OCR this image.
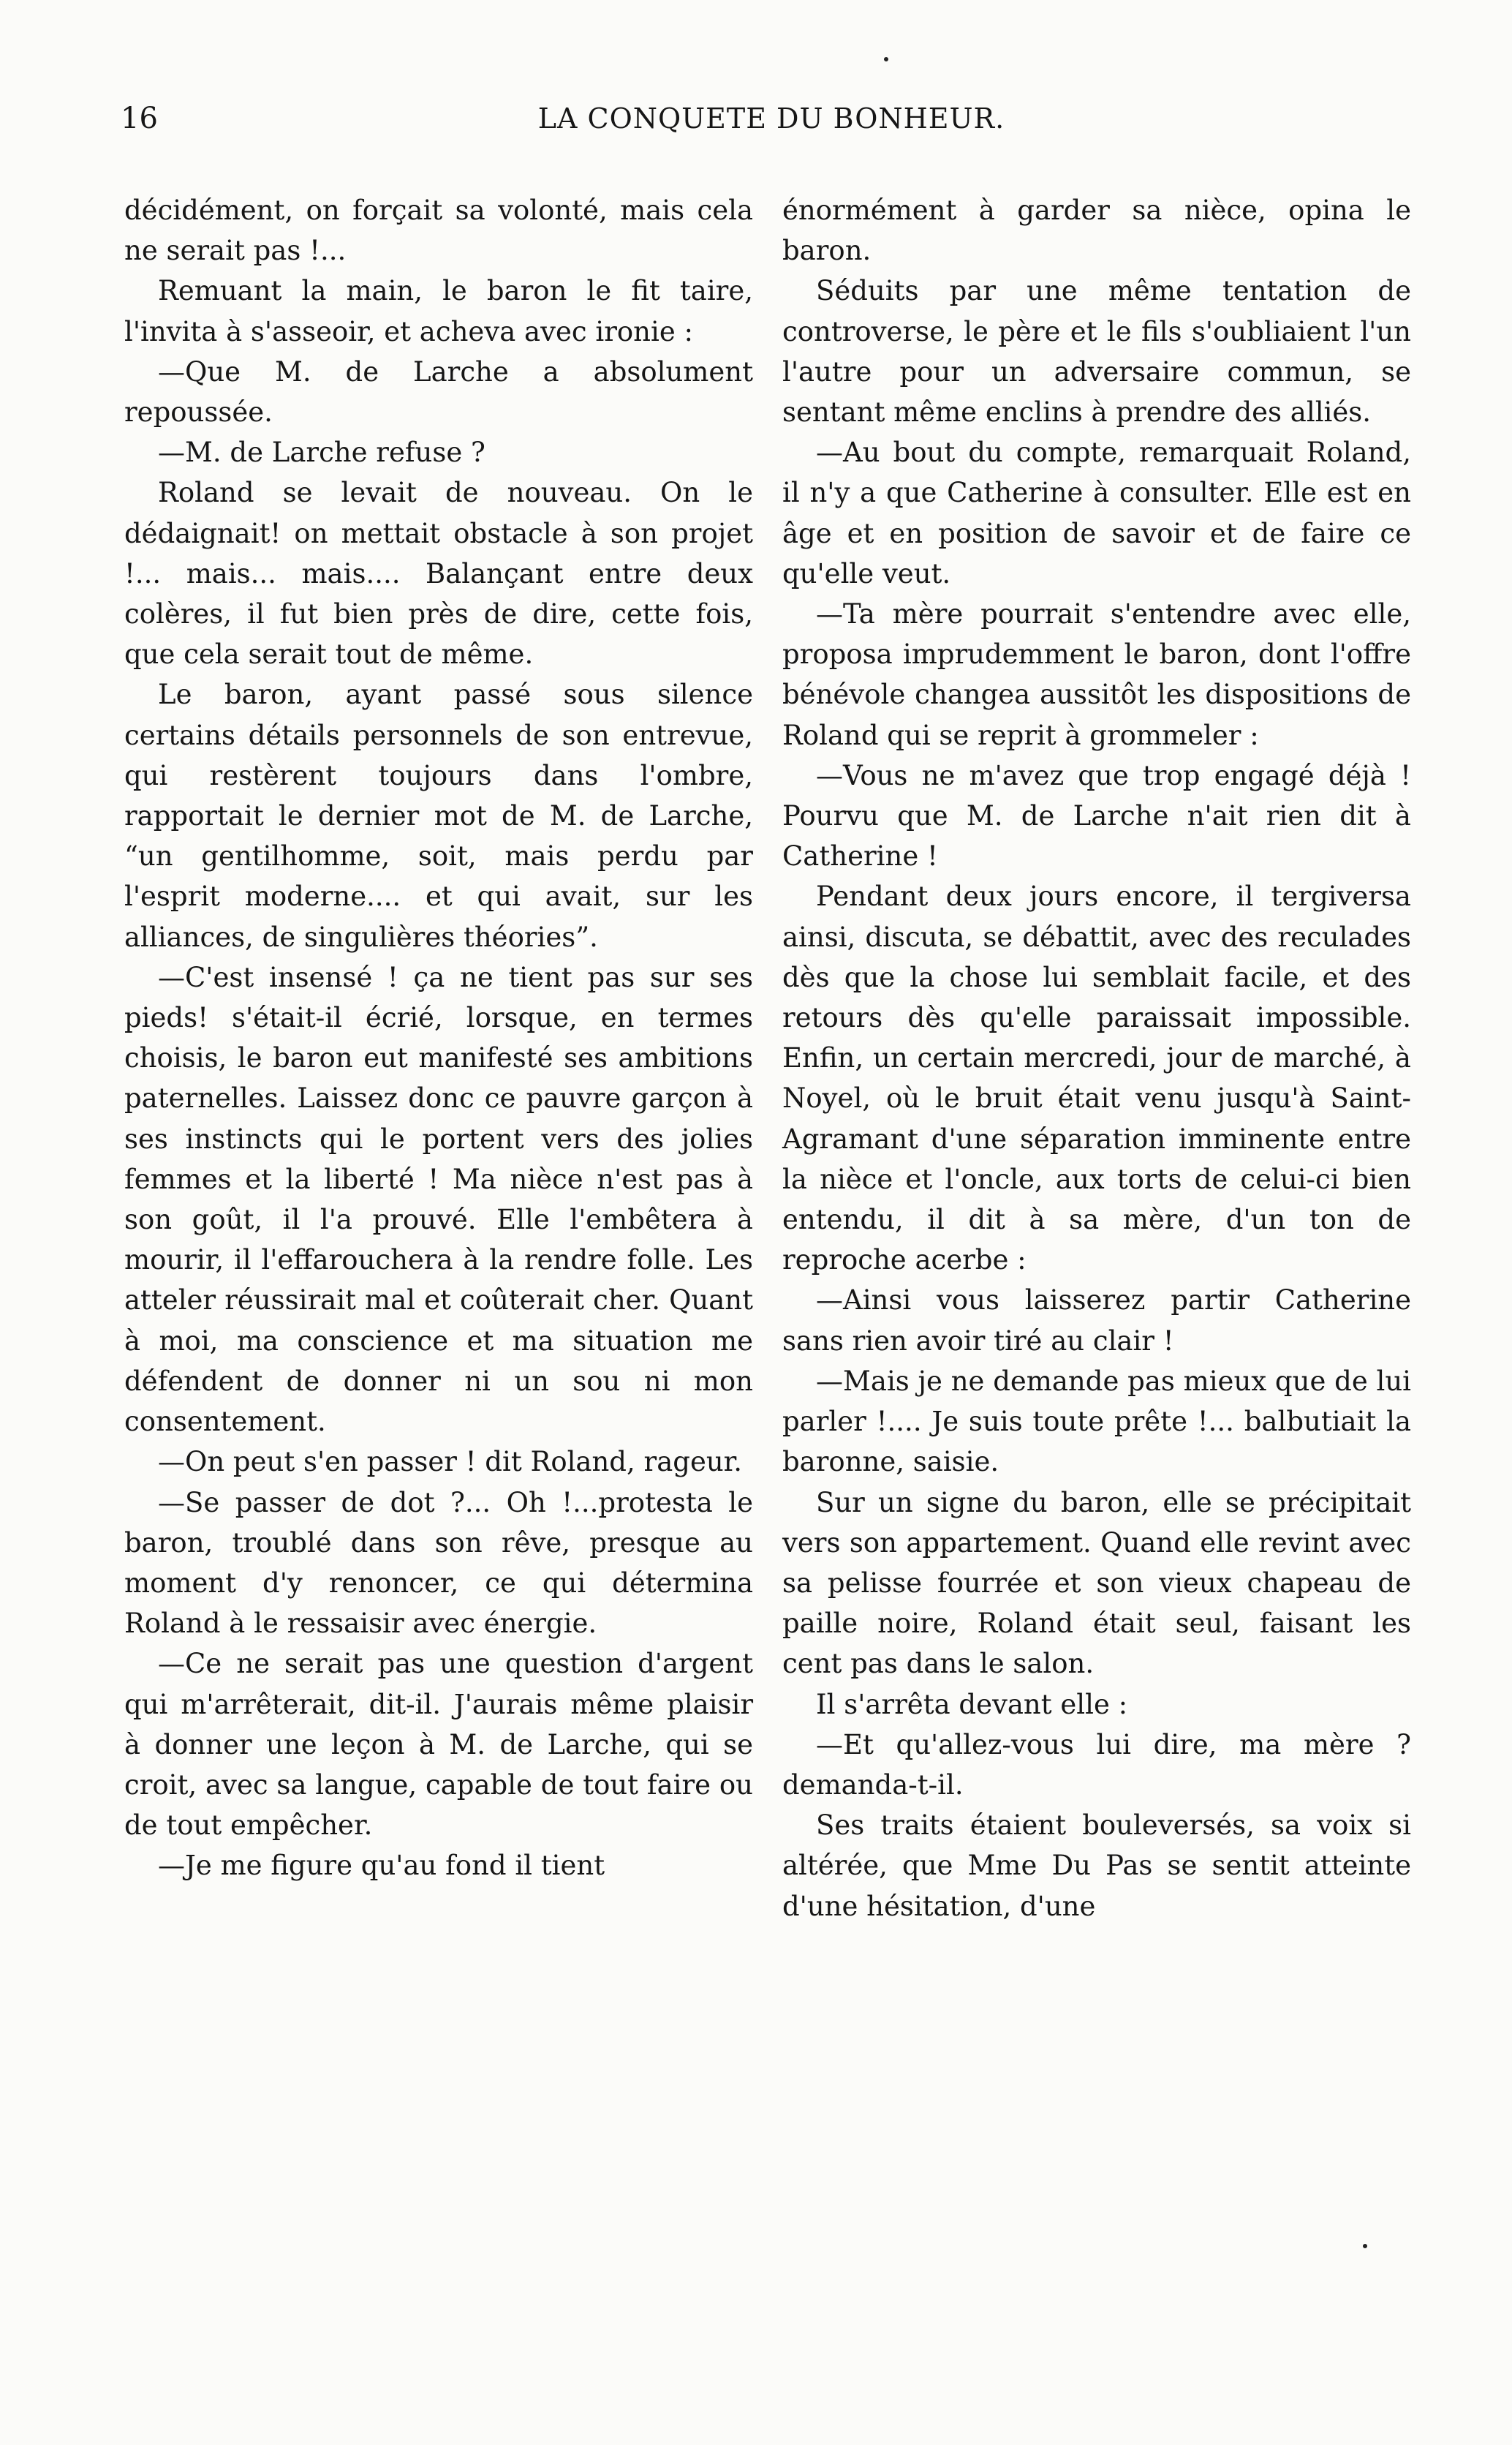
16	LA CONQUETE DU BONHEUR.

décidément, on forçait sa volonté, mais cela ne serait pas !...

Remuant la main, le baron le fit taire, l'invita à s'asseoir, et acheva avec ironie :

—Que M. de Larche a absolument repoussée.

—M. de Larche refuse ?

Roland se levait de nouveau. On le dédaignait! on mettait obstacle à son projet !... mais... mais.... Balançant entre deux colères, il fut bien près de dire, cette fois, que cela serait tout de même.

Le baron, ayant passé sous silence certains détails personnels de son entrevue, qui restèrent toujours dans l'ombre, rapportait le dernier mot de M. de Larche, “un gentilhomme, soit, mais perdu par l'esprit moderne.... et qui avait, sur les alliances, de singulières théories”.

—C'est insensé ! ça ne tient pas sur ses pieds! s'était-il écrié, lorsque, en termes choisis, le baron eut manifesté ses ambitions paternelles. Laissez donc ce pauvre garçon à ses instincts qui le portent vers des jolies femmes et la liberté ! Ma nièce n'est pas à son goût, il l'a prouvé. Elle l'embêtera à mourir, il l'effarouchera à la rendre folle. Les atteler réussirait mal et coûterait cher. Quant à moi, ma conscience et ma situation me défendent de donner ni un sou ni mon consentement.

—On peut s'en passer ! dit Roland, rageur.

—Se passer de dot ?... Oh !...protesta le baron, troublé dans son rêve, presque au moment d'y renoncer, ce qui détermina Roland à le ressaisir avec énergie.

—Ce ne serait pas une question d'argent qui m'arrêterait, dit-il. J'aurais même plaisir à donner une leçon à M. de Larche, qui se croit, avec sa langue, capable de tout faire ou de tout empêcher.

—Je me figure qu'au fond il tient

énormément à garder sa nièce, opina le baron.

Séduits par une même tentation de controverse, le père et le fils s'oubliaient l'un l'autre pour un adversaire commun, se sentant même enclins à prendre des alliés.

—Au bout du compte, remarquait Roland, il n'y a que Catherine à consulter. Elle est en âge et en position de savoir et de faire ce qu'elle veut.

—Ta mère pourrait s'entendre avec elle, proposa imprudemment le baron, dont l'offre bénévole changea aussitôt les dispositions de Roland qui se reprit à grommeler :

—Vous ne m'avez que trop engagé déjà ! Pourvu que M. de Larche n'ait rien dit à Catherine !

Pendant deux jours encore, il tergiversa ainsi, discuta, se débattit, avec des reculades dès que la chose lui semblait facile, et des retours dès qu'elle paraissait impossible. Enfin, un certain mercredi, jour de marché, à Noyel, où le bruit était venu jusqu'à Saint-Agramant d'une séparation imminente entre la nièce et l'oncle, aux torts de celui-ci bien entendu, il dit à sa mère, d'un ton de reproche acerbe :

—Ainsi vous laisserez partir Catherine sans rien avoir tiré au clair !

—Mais je ne demande pas mieux que de lui parler !.... Je suis toute prête !... balbutiait la baronne, saisie.

Sur un signe du baron, elle se précipitait vers son appartement. Quand elle revint avec sa pelisse fourrée et son vieux chapeau de paille noire, Roland était seul, faisant les cent pas dans le salon.

Il s'arrêta devant elle :

—Et qu'allez-vous lui dire, ma mère ? demanda-t-il.

Ses traits étaient bouleversés, sa voix si altérée, que Mme Du Pas se sentit atteinte d'une hésitation, d'une
